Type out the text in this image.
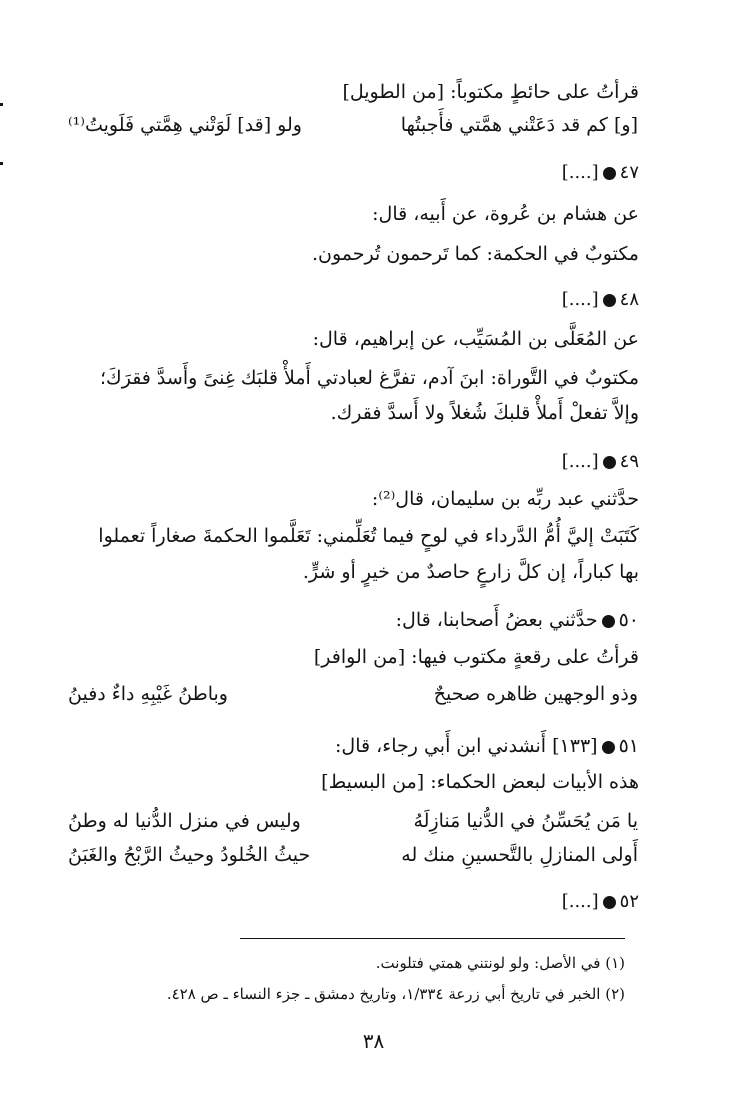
قرأتُ على حائطٍ مكتوباً: [من الطويل]
[و] كم قد دَعَتْني همَّتي فأَجبتُها
ولو [قد] لَوَتْني هِمَّتي فَلَويتُ⁽¹⁾
٤٧[....]
عن هشام بن عُروة، عن أَبيه، قال:
مكتوبٌ في الحكمة: كما تَرحمون تُرحمون.
٤٨[....]
عن المُعَلَّى بن المُسَيِّب، عن إبراهيم، قال:
مكتوبٌ في التَّوراة: ابنَ آدم، تفرَّغ لعبادتي أَملأْ قلبَك غِنىً وأَسدَّ فقرَكَ؛
وإلاَّ تفعلْ أَملأْ قلبكَ شُغلاً ولا أَسدَّ فقرك.
٤٩[....]
حدَّثني عبد ربِّه بن سليمان، قال⁽²⁾:
كَتَبَتْ إليَّ أُمُّ الدَّرداء في لوحٍ فيما تُعَلِّمني: تَعَلَّموا الحكمةَ صغاراً تعملوا
بها كباراً، إن كلَّ زارعٍ حاصدٌ من خيرٍ أو شرٍّ.
٥٠حدَّثني بعضُ أَصحابنا، قال:
قرأتُ على رقعةٍ مكتوب فيها: [من الوافر]
وذو الوجهين ظاهره صحيحٌ
وباطنُ غَيْبِهِ داءٌ دفينُ
٥١[١٣٣] أَنشدني ابن أَبي رجاء، قال:
هذه الأبيات لبعض الحكماء: [من البسيط]
يا مَن يُحَسِّنُ في الدُّنيا مَنازِلَهُ
وليس في منزل الدُّنيا له وطنُ
أَولى المنازلِ بالتَّحسينِ منك له
حيثُ الخُلودُ وحيثُ الرَّبْحُ والغَبَنُ
٥٢[....]
(١) في الأصل: ولو لونتني همتي فتلونت.
(٢) الخبر في تاريخ أبي زرعة ١/٣٣٤، وتاريخ دمشق ـ جزء النساء ـ ص ٤٢٨.
٣٨
